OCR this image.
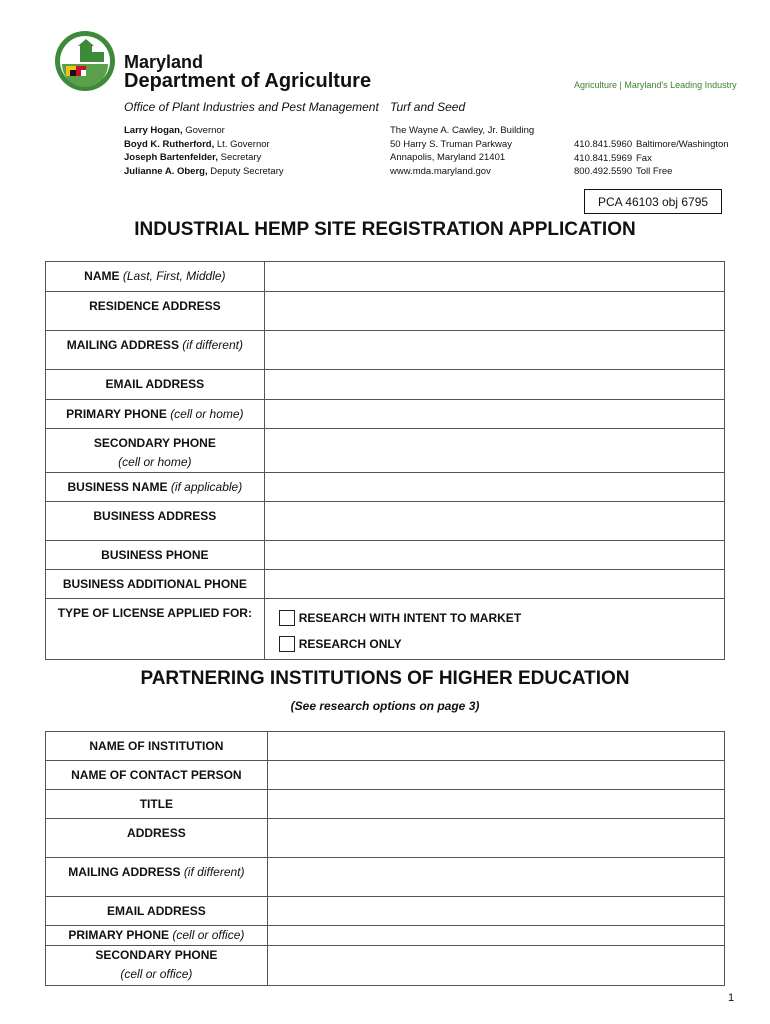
Maryland
Department of Agriculture
Office of Plant Industries and Pest Management Turf and Seed
Agriculture | Maryland's Leading Industry
Larry Hogan, Governor
Boyd K. Rutherford, Lt. Governor
Joseph Bartenfelder, Secretary
Julianne A. Oberg, Deputy Secretary
The Wayne A. Cawley, Jr. Building
50 Harry S. Truman Parkway
Annapolis, Maryland 21401
www.mda.maryland.gov
410.841.5960 Baltimore/Washington
410.841.5969 Fax
800.492.5590 Toll Free
PCA 46103 obj 6795
INDUSTRIAL HEMP SITE REGISTRATION APPLICATION
NAME (Last, First, Middle)	
RESIDENCE ADDRESS	
MAILING ADDRESS (if different)	
EMAIL ADDRESS	
PRIMARY PHONE (cell or home)	
SECONDARY PHONE
(cell or home)	
BUSINESS NAME (if applicable)	
BUSINESS ADDRESS	
BUSINESS PHONE	
BUSINESS ADDITIONAL PHONE	
TYPE OF LICENSE APPLIED FOR:	RESEARCH WITH INTENT TO MARKET
RESEARCH ONLY
PARTNERING INSTITUTIONS OF HIGHER EDUCATION
(See research options on page 3)
NAME OF INSTITUTION	
NAME OF CONTACT PERSON	
TITLE	
ADDRESS	
MAILING ADDRESS (if different)	
EMAIL ADDRESS	
PRIMARY PHONE (cell or office)	
SECONDARY PHONE
(cell or office)	
1
